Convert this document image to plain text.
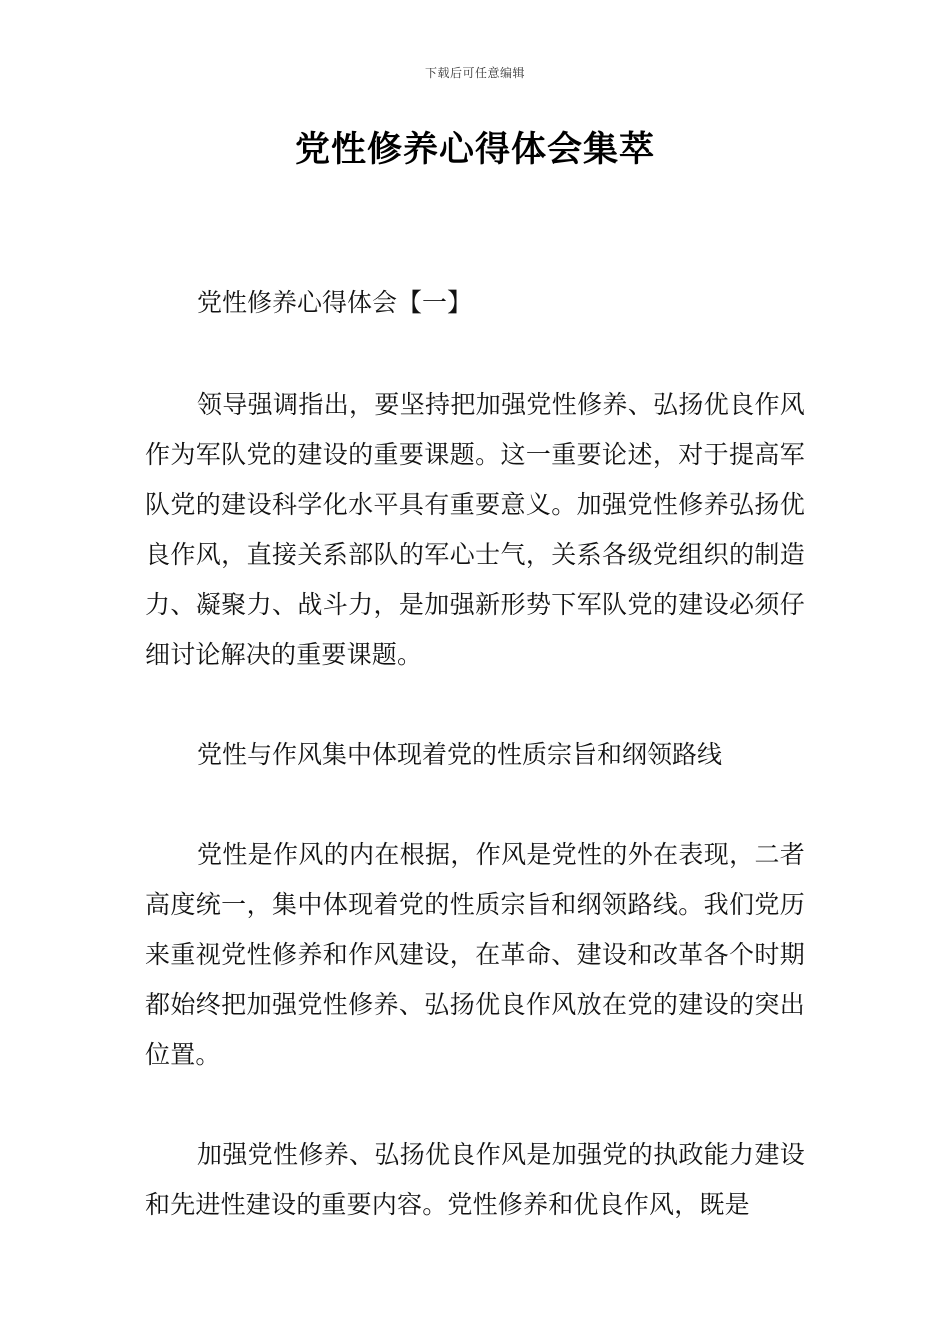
下载后可任意编辑
党性修养心得体会集萃

党性修养心得体会【一】

领导强调指出，要坚持把加强党性修养、弘扬优良作风作为军队党的建设的重要课题。这一重要论述，对于提高军队党的建设科学化水平具有重要意义。加强党性修养弘扬优良作风，直接关系部队的军心士气，关系各级党组织的制造力、凝聚力、战斗力，是加强新形势下军队党的建设必须仔细讨论解决的重要课题。

党性与作风集中体现着党的性质宗旨和纲领路线

党性是作风的内在根据，作风是党性的外在表现，二者高度统一，集中体现着党的性质宗旨和纲领路线。我们党历来重视党性修养和作风建设，在革命、建设和改革各个时期都始终把加强党性修养、弘扬优良作风放在党的建设的突出位置。

加强党性修养、弘扬优良作风是加强党的执政能力建设和先进性建设的重要内容。党性修养和优良作风，既是
